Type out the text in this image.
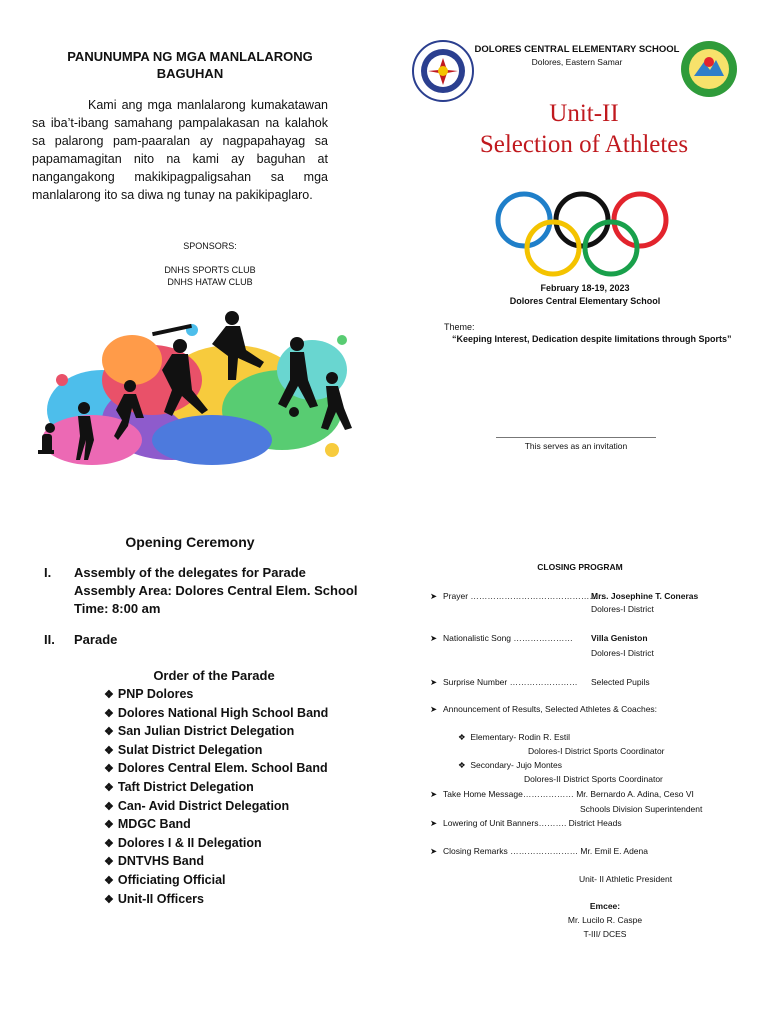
PANUNUMPA NG MGA MANLALARONG
BAGUHAN
Kami ang mga manlalarong kumakatawan sa iba’t-ibang samahang pampalakasan na kalahok sa palarong pam-paaralan ay nagpapahayag sa papamamagitan nito na kami ay baguhan at nangangakong makikipagpaligsahan sa mga manlalarong ito sa diwa ng tunay na pakikipaglaro.
SPONSORS:
DNHS SPORTS CLUB
DNHS HATAW CLUB
DOLORES CENTRAL ELEMENTARY SCHOOL
Dolores, Eastern Samar
Unit-II
Selection of Athletes
February 18-19, 2023
Dolores Central Elementary School
Theme:
“Keeping Interest, Dedication despite limitations through Sports”
This serves as an invitation
Opening Ceremony
I. Assembly of the delegates for Parade
Assembly Area: Dolores Central Elem. School
Time: 8:00 am
II. Parade
Order of the Parade
❖ PNP Dolores
❖ Dolores National High School Band
❖ San Julian District Delegation
❖ Sulat District Delegation
❖ Dolores Central Elem. School Band
❖ Taft District Delegation
❖ Can- Avid District Delegation
❖ MDGC Band
❖ Dolores I & II Delegation
❖ DNTVHS Band
❖ Officiating Official
❖ Unit-II Officers
CLOSING PROGRAM
➤ Prayer …………………………………………
Mrs. Josephine T. Coneras
Dolores-I District
➤ Nationalistic Song ………………… Villa Geniston
Dolores-I District
➤ Surprise Number …………………… Selected Pupils
➤ Announcement of Results, Selected Athletes & Coaches:
❖ Elementary- Rodin R. Estil
Dolores-I District Sports Coordinator
❖ Secondary- Jujo Montes
Dolores-II District Sports Coordinator
➤ Take Home Message……………… Mr. Bernardo A. Adina, Ceso VI
Schools Division Superintendent
➤ Lowering of Unit Banners………. District Heads
➤ Closing Remarks …………………… Mr. Emil E. Adena
Unit- II Athletic President
Emcee:
Mr. Lucilo R. Caspe
T-III/ DCES
